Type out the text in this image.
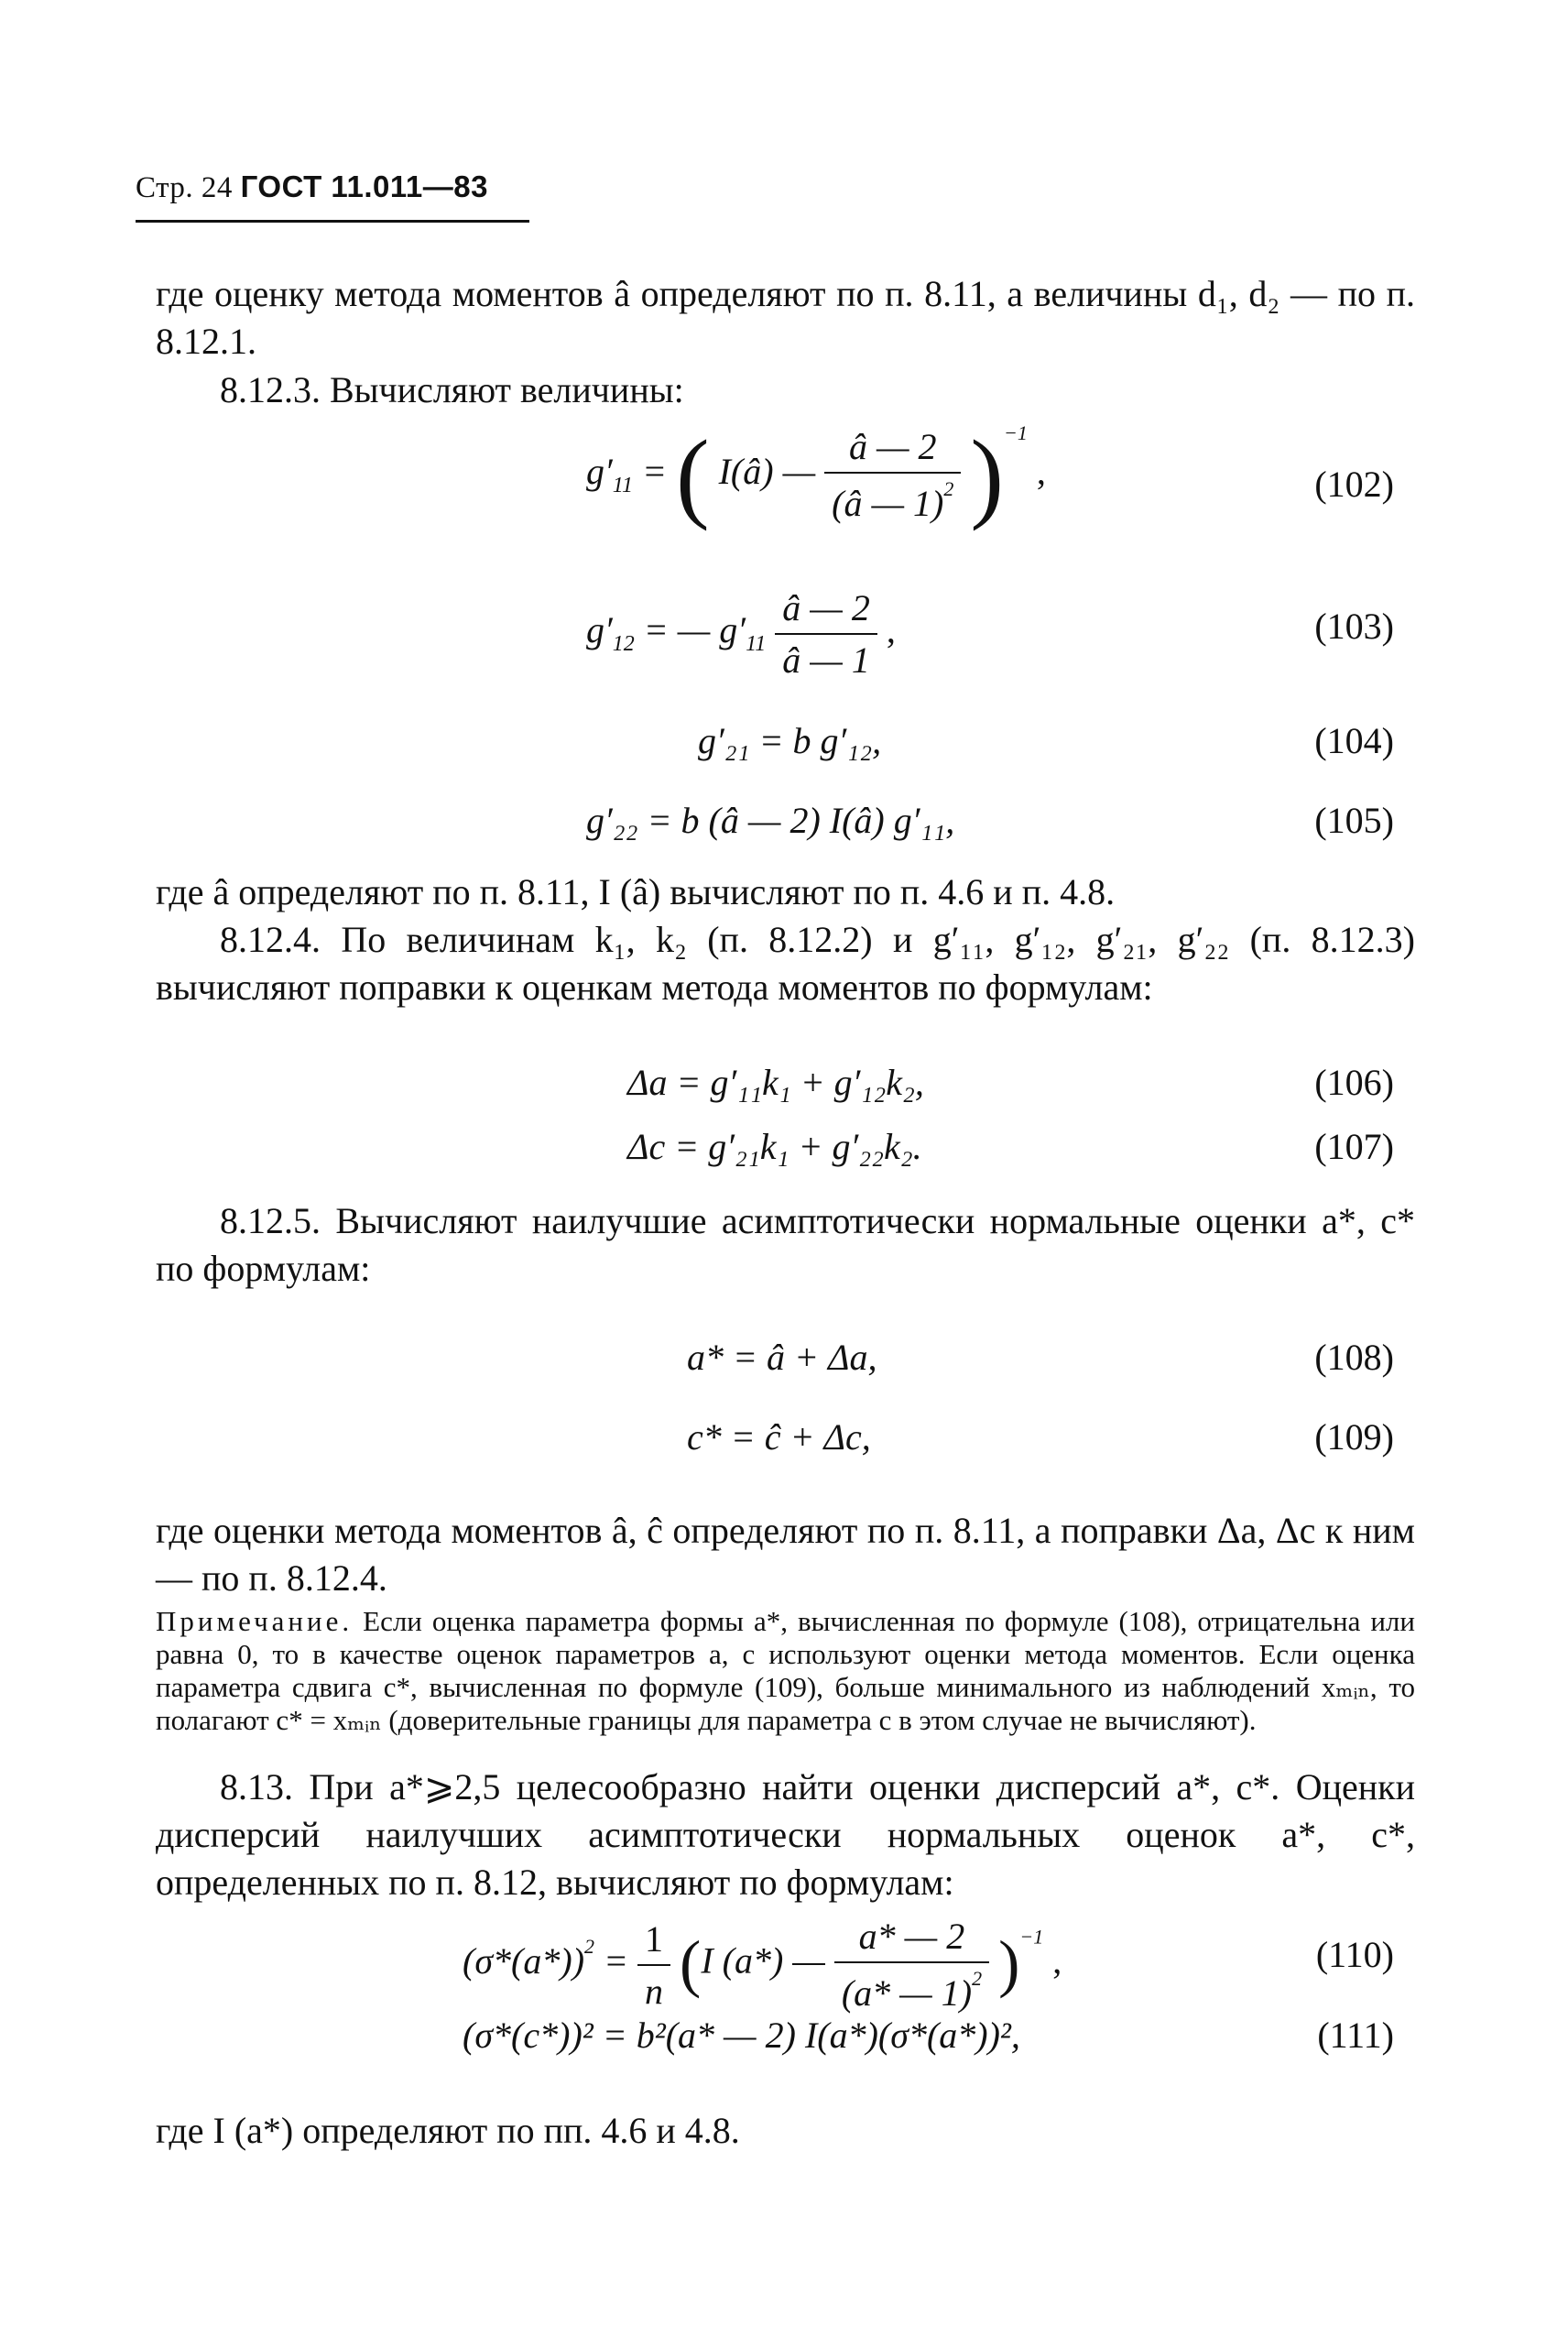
Стр. 24 ГОСТ 11.011—83

где оценку метода моментов â определяют по п. 8.11, а величины d₁, d₂ — по п. 8.12.1.

8.12.3. Вычисляют величины:

$g'_{11}$ = ( I(â) — $\frac{â — 2}{(â — 1)^2} )^{-1}$ ,	(102)
$g'_{12}$ = — $g'_{11} \frac{â — 2}{â — 1}$ ,	(103)
g′₂₁ = b g′₁₂,	(104)
g′₂₂ = b (â — 2) I(â) g′₁₁,	(105)

где â определяют по п. 8.11, I (â) вычисляют по п. 4.6 и п. 4.8.

8.12.4. По величинам k₁, k₂ (п. 8.12.2) и g′₁₁, g′₁₂, g′₂₁, g′₂₂ (п. 8.12.3) вычисляют поправки к оценкам метода моментов по формулам:

Δa = g′₁₁k₁ + g′₁₂k₂,	(106)
Δc = g′₂₁k₁ + g′₂₂k₂.	(107)

8.12.5. Вычисляют наилучшие асимптотически нормальные оценки a*, c* по формулам:

a* = â + Δa,	(108)
c* = ĉ + Δc,	(109)

где оценки метода моментов â, ĉ определяют по п. 8.11, а поправки Δa, Δc к ним — по п. 8.12.4.

Примечание. Если оценка параметра формы a*, вычисленная по формуле (108), отрицательна или равна 0, то в качестве оценок параметров a, c используют оценки метода моментов. Если оценка параметра сдвига c*, вычисленная по формуле (109), больше минимального из наблюдений xₘᵢₙ, то полагают c* = xₘᵢₙ (доверительные границы для параметра c в этом случае не вычисляют).

8.13. При a*⩾2,5 целесообразно найти оценки дисперсий a*, c*. Оценки дисперсий наилучших асимптотически нормальных оценок a*, c*, определенных по п. 8.12, вычисляют по формулам:

$(\sigma*(a*))^2 = \frac{1}{n} (I$ (a*) — $\frac{a* — 2}{(a* — 1)^2} )^{-1}$ ,	(110)
(σ*(c*))² = b²(a* — 2) I(a*)(σ*(a*))²,	(111)

где I (a*) определяют по пп. 4.6 и 4.8.
